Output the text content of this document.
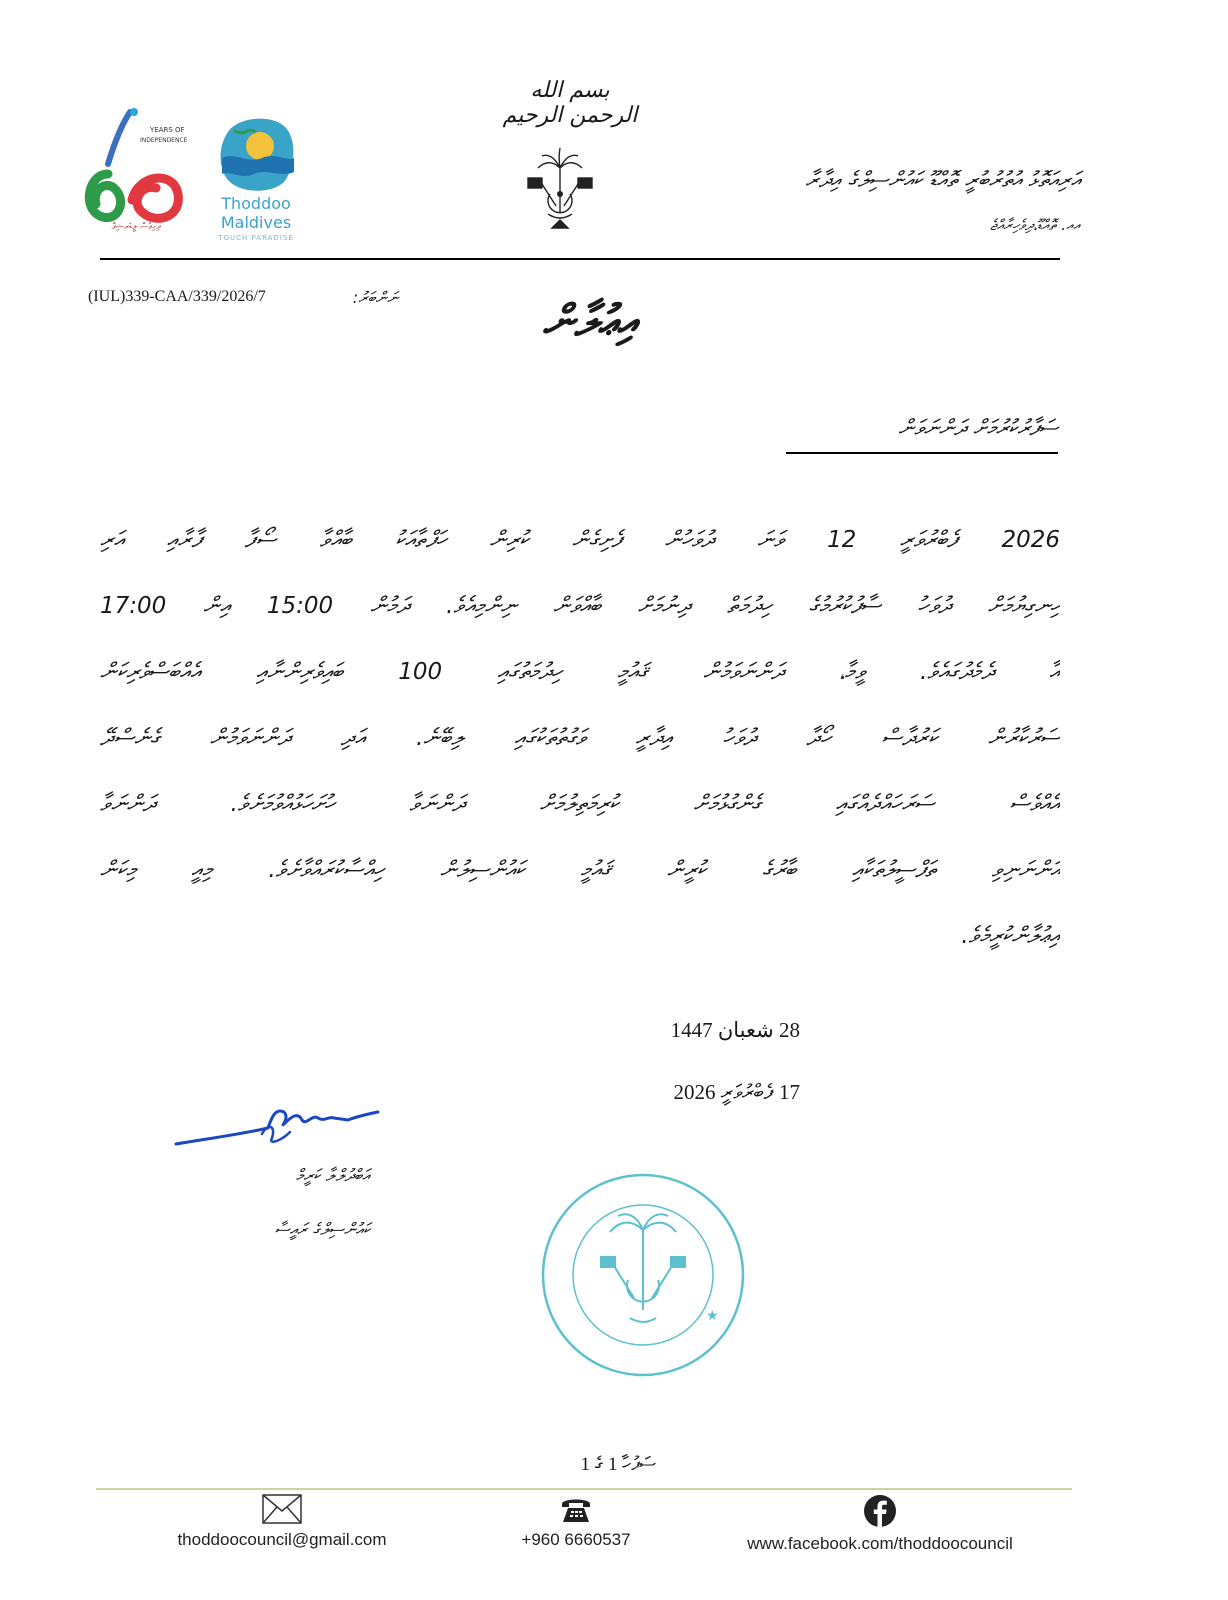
بسم الله الرحمن الرحيم
އަރިއަތޮޅު އުތުރުބުރީ ތޮއްޑޫ ކައުންސިލްގެ އިދާރާ
އއ. ތޮއްޑޫ،ދިވެހިރާއްޖެ
YEARS OF
INDEPENDENCE
ދިހިވެސް ލީޑަރޝިޕް
Thoddoo
Maldives
TOUCH PARADISE
ނަންބަރު:
(IUL)339-CAA/339/2026/7	އިޢުލާން
ސަފާރުކުރުމަށް ދަންނަވަން
2026 ފެބްރުވަރީ 12 ވަނަ ދުވަހުން ފެށިގެން ކުރިން ހަފްތާއަކު ބާއްވާ ސޯފާ ފާރާއި އަރި
ހިނގިޔުމަށް ދުވަހު ސާފުކުރުމުގެ ހިދުމަތް ދިނުމަށް ބާއްވަން ނިންމިއެވެ. ދަމުން 15:00 އިން 17:00
އާ ދެމެދުގައެވެ. ވީމާ، ދަންނަވަމުން ޤައުމީ ހިދުމަތުގައި 100 ބައިވެރިންނާއި އެއްބަސްވެރިކަން
ސަރުކާރުން ކަރުދާސް ހޯދާ ދުވަހު އިދާރީ ވަގުތުތަކުގައި ލިބޭނެ. އަދި ދަންނަވަމުން ގެނެސްދޭ
އެއްވެސް ސަރަހައްދެއްގައި ގެންގުޅުމަށް ކުރިމަތިލުމަށް ދަންނަވާ ހުށަހަޅުއްވުމަށެވެ. ދަންނަވާ
އަންނަނިވި ތަފްސީލުތަކާއި ބާރުގެ ކުރީން ޤައުމީ ކައުންސިލުން ހިއްސާކުރައްވާށެވެ. މިއީ މިކަން
އިޢުލާންކުރީމެވެ.
28 شعبان 1447
17 ފެބްރުވަރީ 2026
އަބްދުލްލާ ކަރީމް
ކައުންސިލްގެ ރައީސާ
★
ސަފުހާ 1 ގެ 1
thoddoocouncil@gmail.com	+960 6660537	www.facebook.com/thoddoocouncil
